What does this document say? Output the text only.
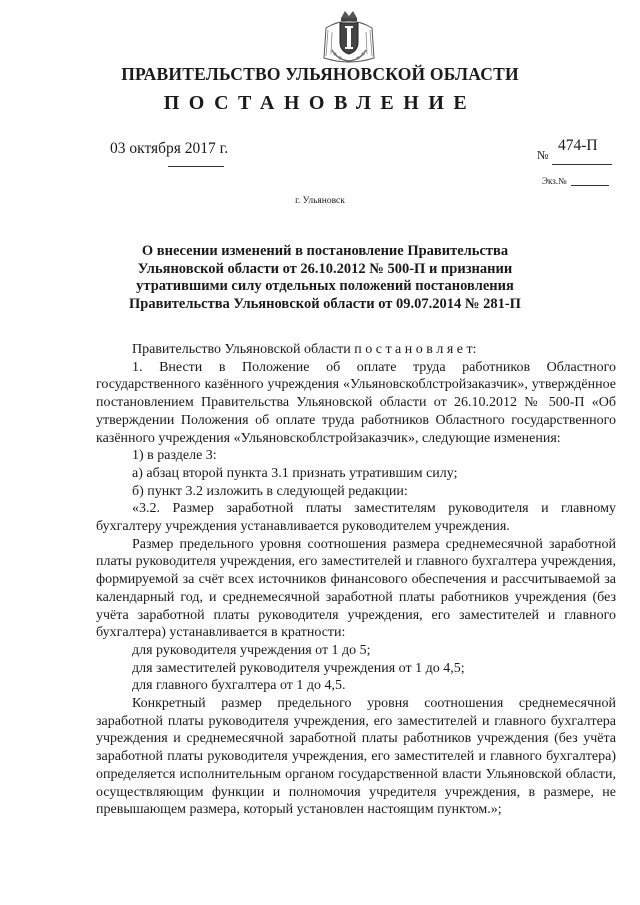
ПРАВИТЕЛЬСТВО УЛЬЯНОВСКОЙ ОБЛАСТИ
ПОСТАНОВЛЕНИЕ
03 октября 2017 г.	№
474-П
Экз.№
г. Ульяновск
О внесении изменений в постановление Правительства
Ульяновской области от 26.10.2012 № 500-П и признании
утратившими силу отдельных положений постановления
Правительства Ульяновской области от 09.07.2014 № 281-П

Правительство Ульяновской области п о с т а н о в л я е т:

1. Внести в Положение об оплате труда работников Областного государственного казённого учреждения «Ульяновскоблстройзаказчик», утверждённое постановлением Правительства Ульяновской области от 26.10.2012 № 500-П «Об утверждении Положения об оплате труда работников Областного государственного казённого учреждения «Ульяновскоблстройзаказчик», следующие изменения:

1) в разделе 3:

а) абзац второй пункта 3.1 признать утратившим силу;

б) пункт 3.2 изложить в следующей редакции:

«3.2. Размер заработной платы заместителям руководителя и главному бухгалтеру учреждения устанавливается руководителем учреждения.

Размер предельного уровня соотношения размера среднемесячной заработной платы руководителя учреждения, его заместителей и главного бухгалтера учреждения, формируемой за счёт всех источников финансового обеспечения и рассчитываемой за календарный год, и среднемесячной заработной платы работников учреждения (без учёта заработной платы руководителя учреждения, его заместителей и главного бухгалтера) устанавливается в кратности:

для руководителя учреждения от 1 до 5;

для заместителей руководителя учреждения от 1 до 4,5;

для главного бухгалтера от 1 до 4,5.

Конкретный размер предельного уровня соотношения среднемесячной заработной платы руководителя учреждения, его заместителей и главного бухгалтера учреждения и среднемесячной заработной платы работников учреждения (без учёта заработной платы руководителя учреждения, его заместителей и главного бухгалтера) определяется исполнительным органом государственной власти Ульяновской области, осуществляющим функции и полномочия учредителя учреждения, в размере, не превышающем размера, который установлен настоящим пунктом.»;
